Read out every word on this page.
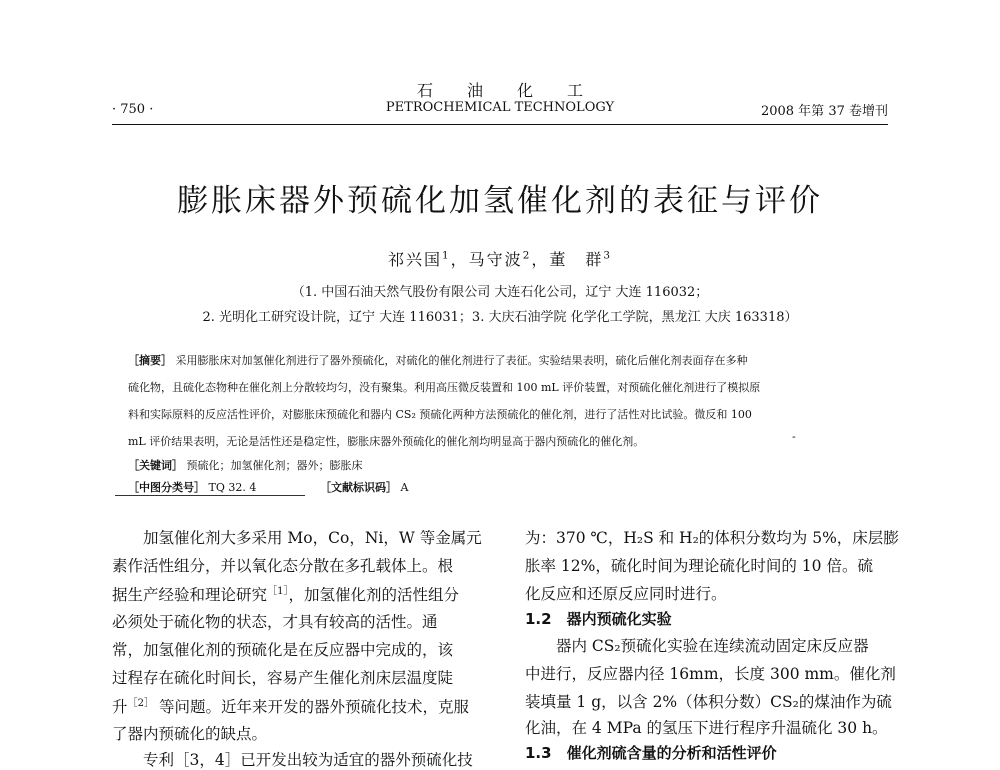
石油化工
PETROCHEMICAL TECHNOLOGY
· 750 ·	2008 年第 37 卷增刊
膨胀床器外预硫化加氢催化剂的表征与评价
祁兴国$^1$，马守波$^2$，董　群$^3$
（1. 中国石油天然气股份有限公司 大连石化公司，辽宁 大连 116032；
2. 光明化工研究设计院，辽宁 大连 116031；3. 大庆石油学院 化学化工学院，黑龙江 大庆 163318）
［摘要］ 采用膨胀床对加氢催化剂进行了器外预硫化，对硫化的催化剂进行了表征。实验结果表明，硫化后催化剂表面存在多种
硫化物，且硫化态物种在催化剂上分散较均匀，没有聚集。利用高压微反装置和 100 mL 评价装置，对预硫化催化剂进行了模拟原
料和实际原料的反应活性评价，对膨胀床预硫化和器内 CS₂ 预硫化两种方法预硫化的催化剂，进行了活性对比试验。微反和 100
mL 评价结果表明，无论是活性还是稳定性，膨胀床器外预硫化的催化剂均明显高于器内预硫化的催化剂。	-
［关键词］ 预硫化；加氢催化剂；器外；膨胀床
［中图分类号］ TQ 32. 4	［文献标识码］ A
　　加氢催化剂大多采用 Mo，Co，Ni，W 等金属元
素作活性组分，并以氧化态分散在多孔载体上。根
据生产经验和理论研究$^{[1]}$，加氢催化剂的活性组分
必须处于硫化物的状态，才具有较高的活性。通
常，加氢催化剂的预硫化是在反应器中完成的，该
过程存在硫化时间长，容易产生催化剂床层温度陡
升$^{[2]}$ 等问题。近年来开发的器外预硫化技术，克服
了器内预硫化的缺点。
　　专利［3，4］已开发出较为适宜的器外预硫化技
为：370 ℃，H₂S 和 H₂的体积分数均为 5%，床层膨
胀率 12%，硫化时间为理论硫化时间的 10 倍。硫
化反应和还原反应同时进行。
1.2　器内预硫化实验
　　器内 CS₂预硫化实验在连续流动固定床反应器
中进行，反应器内径 16mm，长度 300 mm。催化剂
装填量 1 g，以含 2%（体积分数）CS₂的煤油作为硫
化油，在 4 MPa 的氢压下进行程序升温硫化 30 h。
1.3　催化剂硫含量的分析和活性评价
